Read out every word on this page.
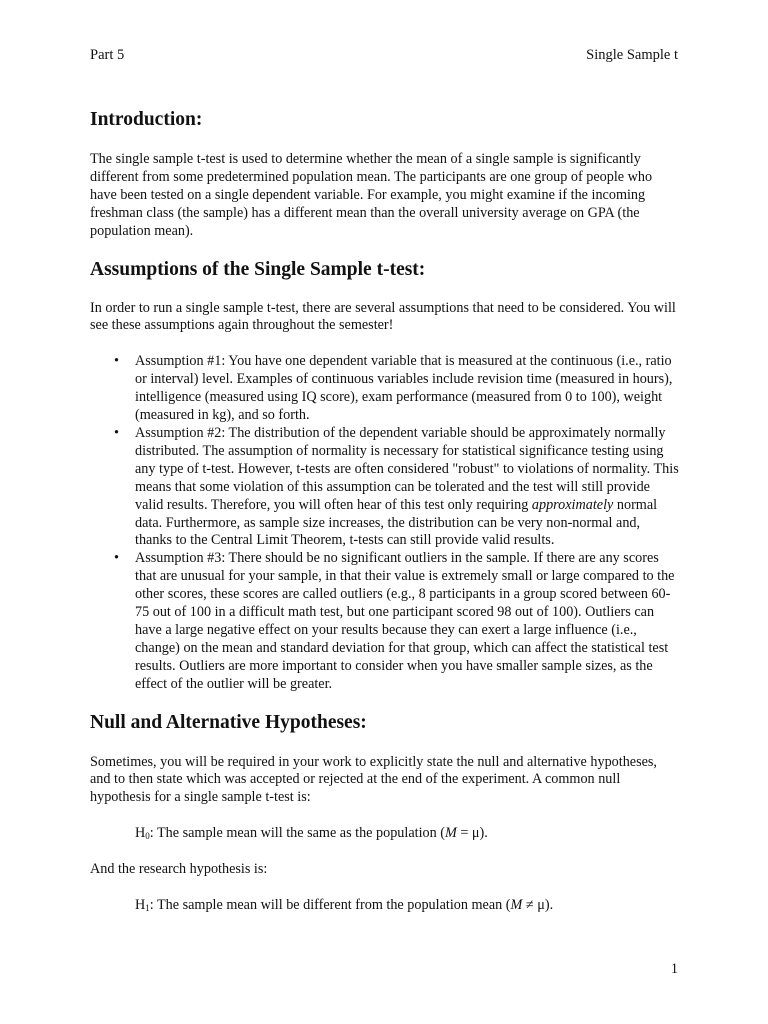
Part 5	Single Sample t
Introduction:

The single sample t-test is used to determine whether the mean of a single sample is significantly different from some predetermined population mean. The participants are one group of people who have been tested on a single dependent variable. For example, you might examine if the incoming freshman class (the sample) has a different mean than the overall university average on GPA (the population mean).

Assumptions of the Single Sample t-test:

In order to run a single sample t-test, there are several assumptions that need to be considered. You will see these assumptions again throughout the semester!

• Assumption #1: You have one dependent variable that is measured at the continuous (i.e., ratio or interval) level. Examples of continuous variables include revision time (measured in hours), intelligence (measured using IQ score), exam performance (measured from 0 to 100), weight (measured in kg), and so forth.
• Assumption #2: The distribution of the dependent variable should be approximately normally distributed. The assumption of normality is necessary for statistical significance testing using any type of t-test. However, t-tests are often considered "robust" to violations of normality. This means that some violation of this assumption can be tolerated and the test will still provide valid results. Therefore, you will often hear of this test only requiring approximately normal data. Furthermore, as sample size increases, the distribution can be very non-normal and, thanks to the Central Limit Theorem, t-tests can still provide valid results.
• Assumption #3: There should be no significant outliers in the sample. If there are any scores that are unusual for your sample, in that their value is extremely small or large compared to the other scores, these scores are called outliers (e.g., 8 participants in a group scored between 60-75 out of 100 in a difficult math test, but one participant scored 98 out of 100). Outliers can have a large negative effect on your results because they can exert a large influence (i.e., change) on the mean and standard deviation for that group, which can affect the statistical test results. Outliers are more important to consider when you have smaller sample sizes, as the effect of the outlier will be greater.
Null and Alternative Hypotheses:

Sometimes, you will be required in your work to explicitly state the null and alternative hypotheses, and to then state which was accepted or rejected at the end of the experiment. A common null hypothesis for a single sample t-test is:

$H_0$: The sample mean will the same as the population (M = μ).

And the research hypothesis is:

$H_1$: The sample mean will be different from the population mean (M ≠ μ).

1
